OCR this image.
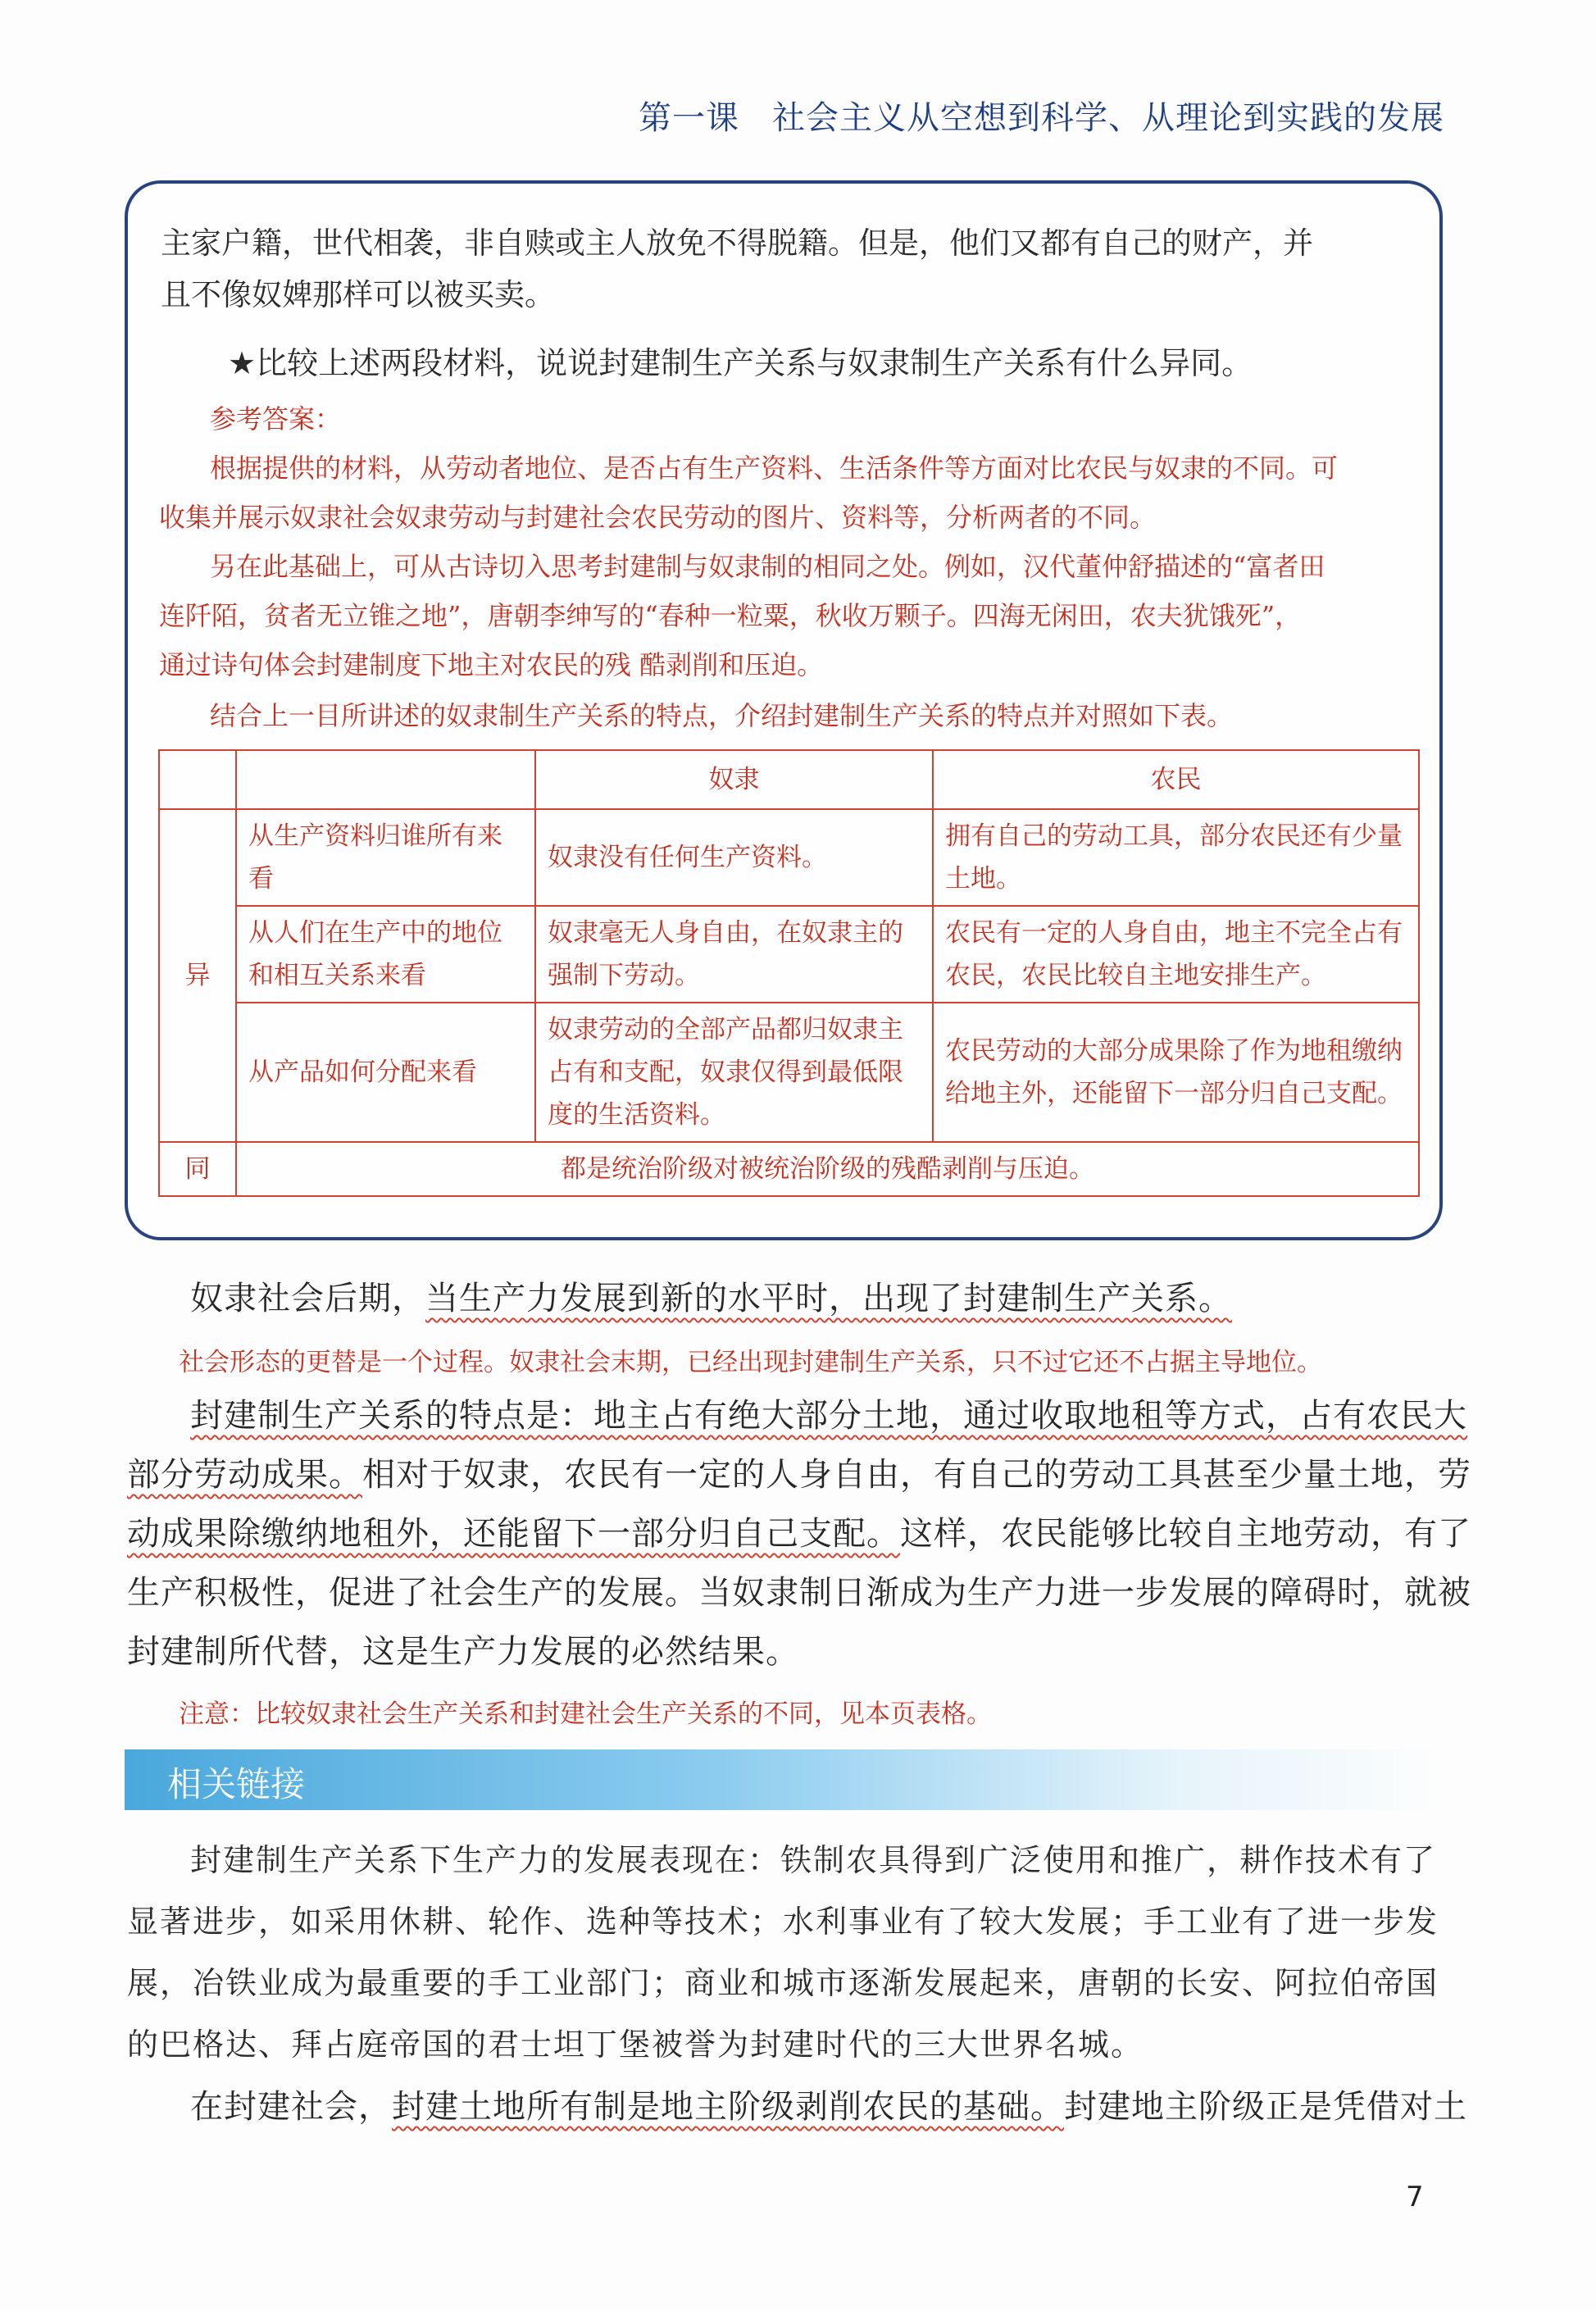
第一课 社会主义从空想到科学、从理论到实践的发展
主家户籍，世代相袭，非自赎或主人放免不得脱籍。但是，他们又都有自己的财产，并
且不像奴婢那样可以被买卖。
★比较上述两段材料，说说封建制生产关系与奴隶制生产关系有什么异同。
参考答案：
根据提供的材料，从劳动者地位、是否占有生产资料、生活条件等方面对比农民与奴隶的不同。可
收集并展示奴隶社会奴隶劳动与封建社会农民劳动的图片、资料等，分析两者的不同。
另在此基础上，可从古诗切入思考封建制与奴隶制的相同之处。例如，汉代董仲舒描述的“富者田
连阡陌，贫者无立锥之地”，唐朝李绅写的“春种一粒粟，秋收万颗子。四海无闲田，农夫犹饿死”，
通过诗句体会封建制度下地主对农民的残 酷剥削和压迫。
结合上一目所讲述的奴隶制生产关系的特点，介绍封建制生产关系的特点并对照如下表。
		奴隶	农民
异	从生产资料归谁所有来看	奴隶没有任何生产资料。	拥有自己的劳动工具，部分农民还有少量土地。
	从人们在生产中的地位和相互关系来看	奴隶毫无人身自由，在奴隶主的强制下劳动。	农民有一定的人身自由，地主不完全占有农民，农民比较自主地安排生产。
	从产品如何分配来看	奴隶劳动的全部产品都归奴隶主占有和支配，奴隶仅得到最低限度的生活资料。	农民劳动的大部分成果除了作为地租缴纳给地主外，还能留下一部分归自己支配。
同	都是统治阶级对被统治阶级的残酷剥削与压迫。		
奴隶社会后期，当生产力发展到新的水平时，出现了封建制生产关系。
社会形态的更替是一个过程。奴隶社会末期，已经出现封建制生产关系，只不过它还不占据主导地位。
封建制生产关系的特点是：地主占有绝大部分土地，通过收取地租等方式，占有农民大
部分劳动成果。相对于奴隶，农民有一定的人身自由，有自己的劳动工具甚至少量土地，劳
动成果除缴纳地租外，还能留下一部分归自己支配。这样，农民能够比较自主地劳动，有了
生产积极性，促进了社会生产的发展。当奴隶制日渐成为生产力进一步发展的障碍时，就被
封建制所代替，这是生产力发展的必然结果。
注意：比较奴隶社会生产关系和封建社会生产关系的不同，见本页表格。
相关链接
封建制生产关系下生产力的发展表现在：铁制农具得到广泛使用和推广，耕作技术有了
显著进步，如采用休耕、轮作、选种等技术；水利事业有了较大发展；手工业有了进一步发
展，冶铁业成为最重要的手工业部门；商业和城市逐渐发展起来，唐朝的长安、阿拉伯帝国
的巴格达、拜占庭帝国的君士坦丁堡被誉为封建时代的三大世界名城。
在封建社会，封建土地所有制是地主阶级剥削农民的基础。封建地主阶级正是凭借对土
7
